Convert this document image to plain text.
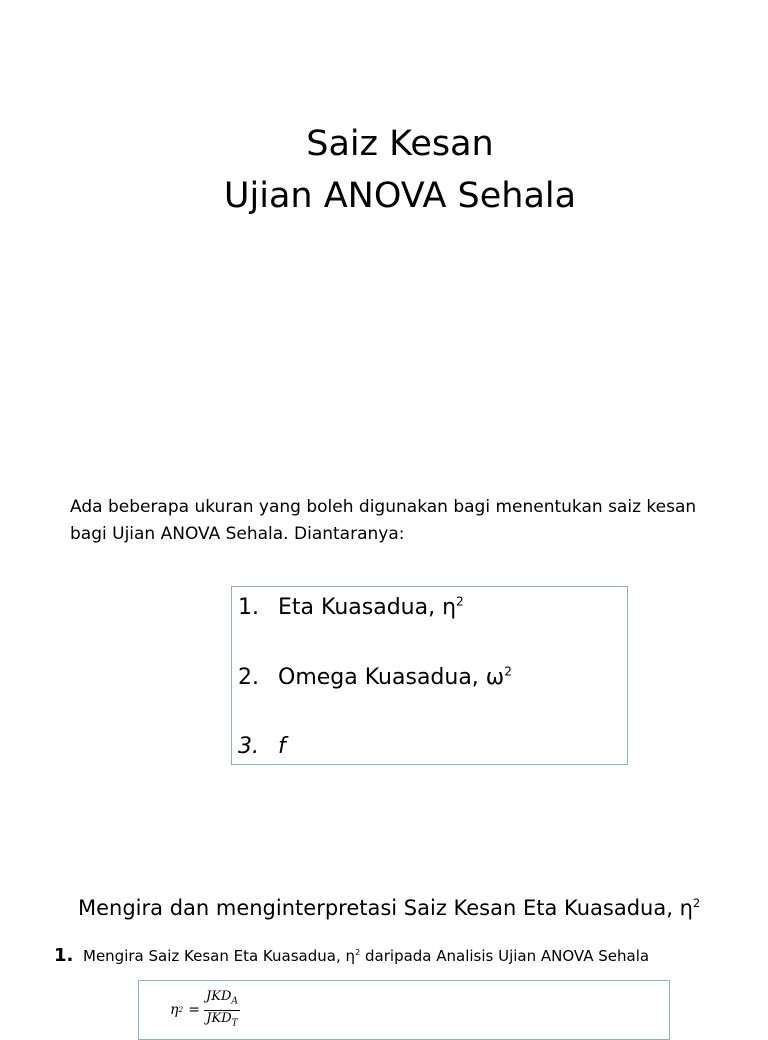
Saiz Kesan
Ujian ANOVA Sehala

Ada beberapa ukuran yang boleh digunakan bagi menentukan saiz kesan bagi Ujian ANOVA Sehala. Diantaranya:

1. Eta Kuasadua, $\eta^2$
2. Omega Kuasadua, $\omega^2$
3. f
Mengira dan menginterpretasi Saiz Kesan Eta Kuasadua, $\eta^2$
1. Mengira Saiz Kesan Eta Kuasadua, $\eta^2$ daripada Analisis Ujian ANOVA Sehala
η $2 = \frac{JKD_A}{JKD_T}$
